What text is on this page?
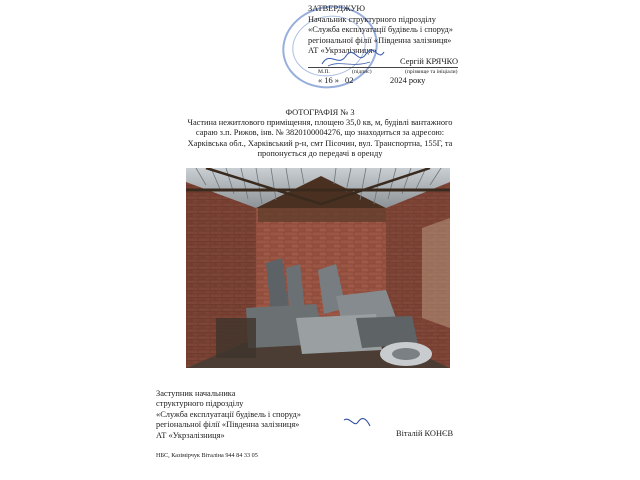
ЗАТВЕРДЖУЮ
Начальник структурного підрозділу
«Служба експлуатації будівель і споруд»
регіональної філії «Південна залізниця»
АТ «Укрзалізниця»
Сергій КРЯЧКО
М.П.	(підпис)	(прізвище та ініціали)
« 16 » 02	2024 року
ФОТОГРАФІЯ № 3
Частина нежитлового приміщення, площею 35,0 кв, м, будівлі вантажного
сараю з.п. Рижов, інв. № 3820100004276, що знаходиться за адресою:
Харківська обл., Харківський р-н, смт Пісочин, вул. Транспортна, 155Г, та
пропонується до передачі в оренду
Заступник начальника
структурного підрозділу
«Служба експлуатації будівель і споруд»
регіональної філії «Південна залізниця»
АТ «Укрзалізниця»	Віталій КОНЄВ
НБС, Казімірчук Віталіна 944 84 33 05
